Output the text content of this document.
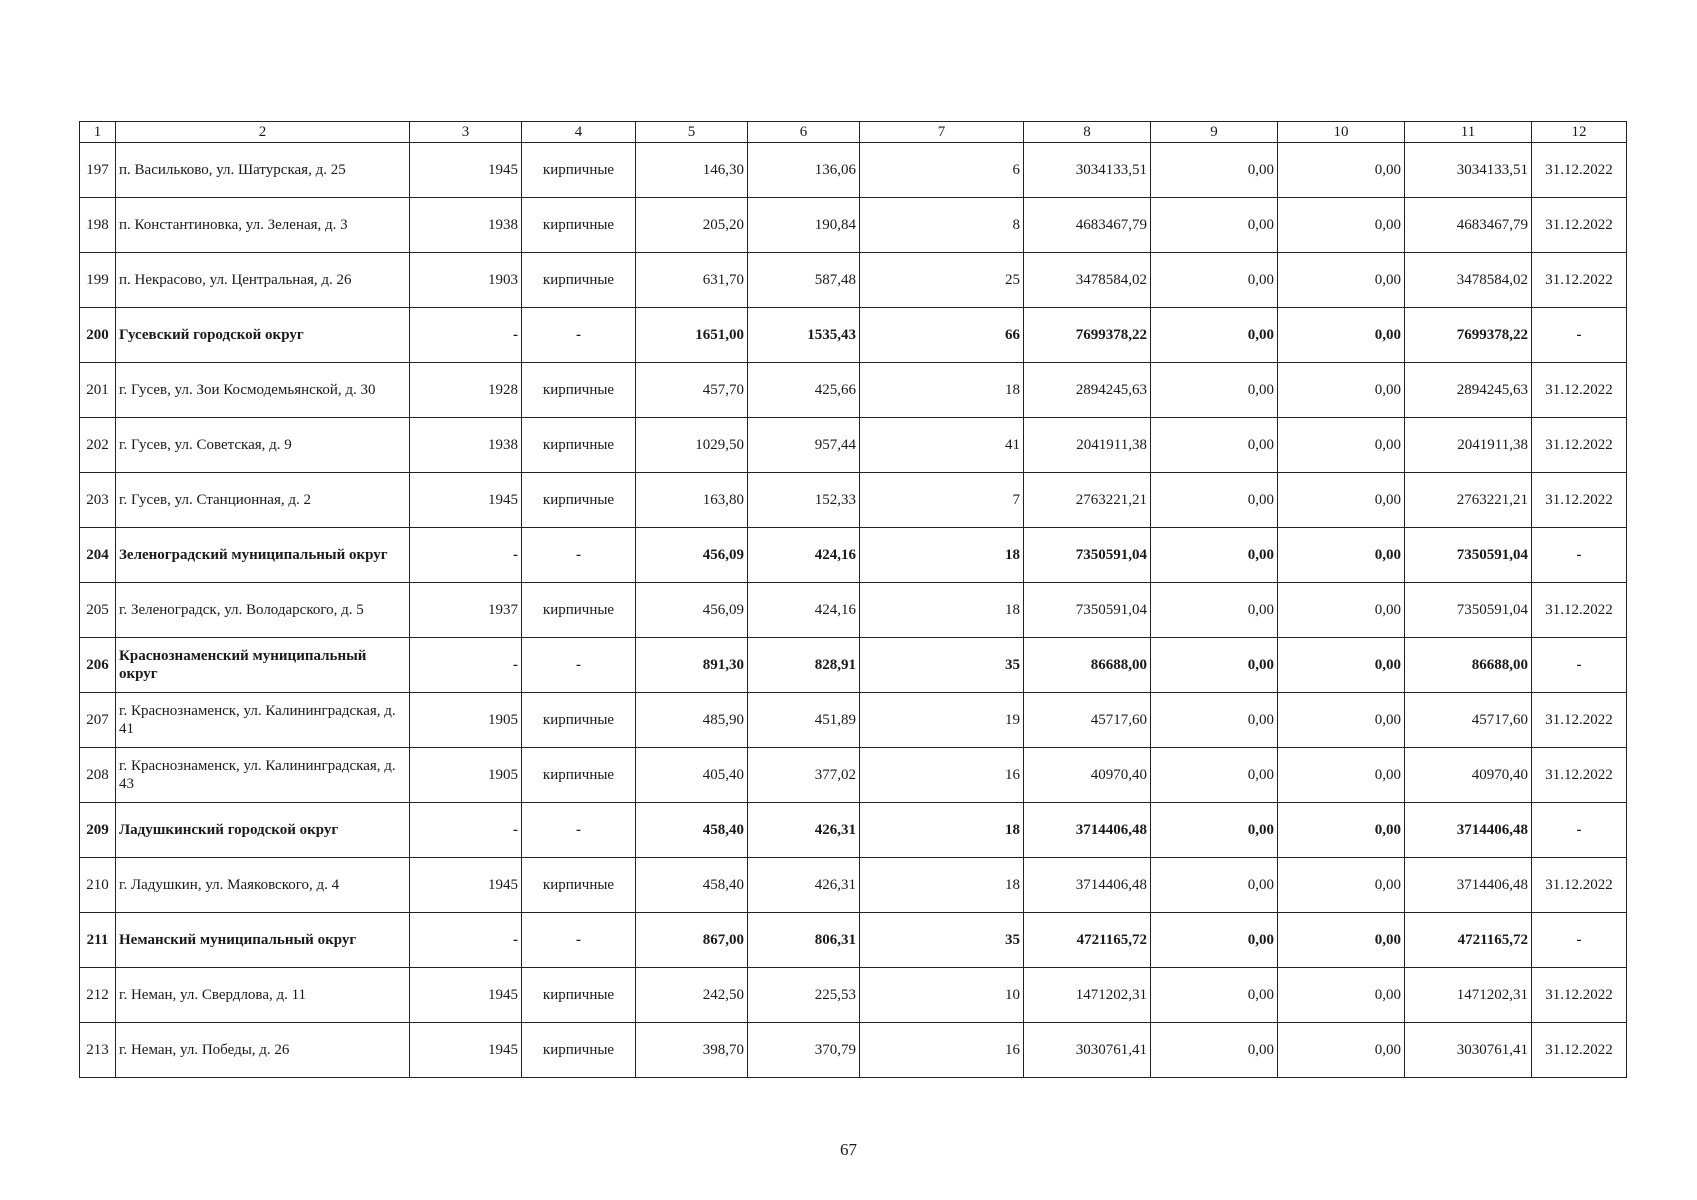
1	2	3	4	5	6	7	8	9	10	11	12
197	п. Васильково, ул. Шатурская, д. 25	1945	кирпичные	146,30	136,06	6	3034133,51	0,00	0,00	3034133,51	31.12.2022
198	п. Константиновка, ул. Зеленая, д. 3	1938	кирпичные	205,20	190,84	8	4683467,79	0,00	0,00	4683467,79	31.12.2022
199	п. Некрасово, ул. Центральная, д. 26	1903	кирпичные	631,70	587,48	25	3478584,02	0,00	0,00	3478584,02	31.12.2022
200	Гусевский городской округ	-	-	1651,00	1535,43	66	7699378,22	0,00	0,00	7699378,22	-
201	г. Гусев, ул. Зои Космодемьянской, д. 30	1928	кирпичные	457,70	425,66	18	2894245,63	0,00	0,00	2894245,63	31.12.2022
202	г. Гусев, ул. Советская, д. 9	1938	кирпичные	1029,50	957,44	41	2041911,38	0,00	0,00	2041911,38	31.12.2022
203	г. Гусев, ул. Станционная, д. 2	1945	кирпичные	163,80	152,33	7	2763221,21	0,00	0,00	2763221,21	31.12.2022
204	Зеленоградский муниципальный округ	-	-	456,09	424,16	18	7350591,04	0,00	0,00	7350591,04	-
205	г. Зеленоградск, ул. Володарского, д. 5	1937	кирпичные	456,09	424,16	18	7350591,04	0,00	0,00	7350591,04	31.12.2022
206	Краснознаменский муниципальный округ	-	-	891,30	828,91	35	86688,00	0,00	0,00	86688,00	-
207	г. Краснознаменск, ул. Калининградская, д. 41	1905	кирпичные	485,90	451,89	19	45717,60	0,00	0,00	45717,60	31.12.2022
208	г. Краснознаменск, ул. Калининградская, д. 43	1905	кирпичные	405,40	377,02	16	40970,40	0,00	0,00	40970,40	31.12.2022
209	Ладушкинский городской округ	-	-	458,40	426,31	18	3714406,48	0,00	0,00	3714406,48	-
210	г. Ладушкин, ул. Маяковского, д. 4	1945	кирпичные	458,40	426,31	18	3714406,48	0,00	0,00	3714406,48	31.12.2022
211	Неманский муниципальный округ	-	-	867,00	806,31	35	4721165,72	0,00	0,00	4721165,72	-
212	г. Неман, ул. Свердлова, д. 11	1945	кирпичные	242,50	225,53	10	1471202,31	0,00	0,00	1471202,31	31.12.2022
213	г. Неман, ул. Победы, д. 26	1945	кирпичные	398,70	370,79	16	3030761,41	0,00	0,00	3030761,41	31.12.2022
67
